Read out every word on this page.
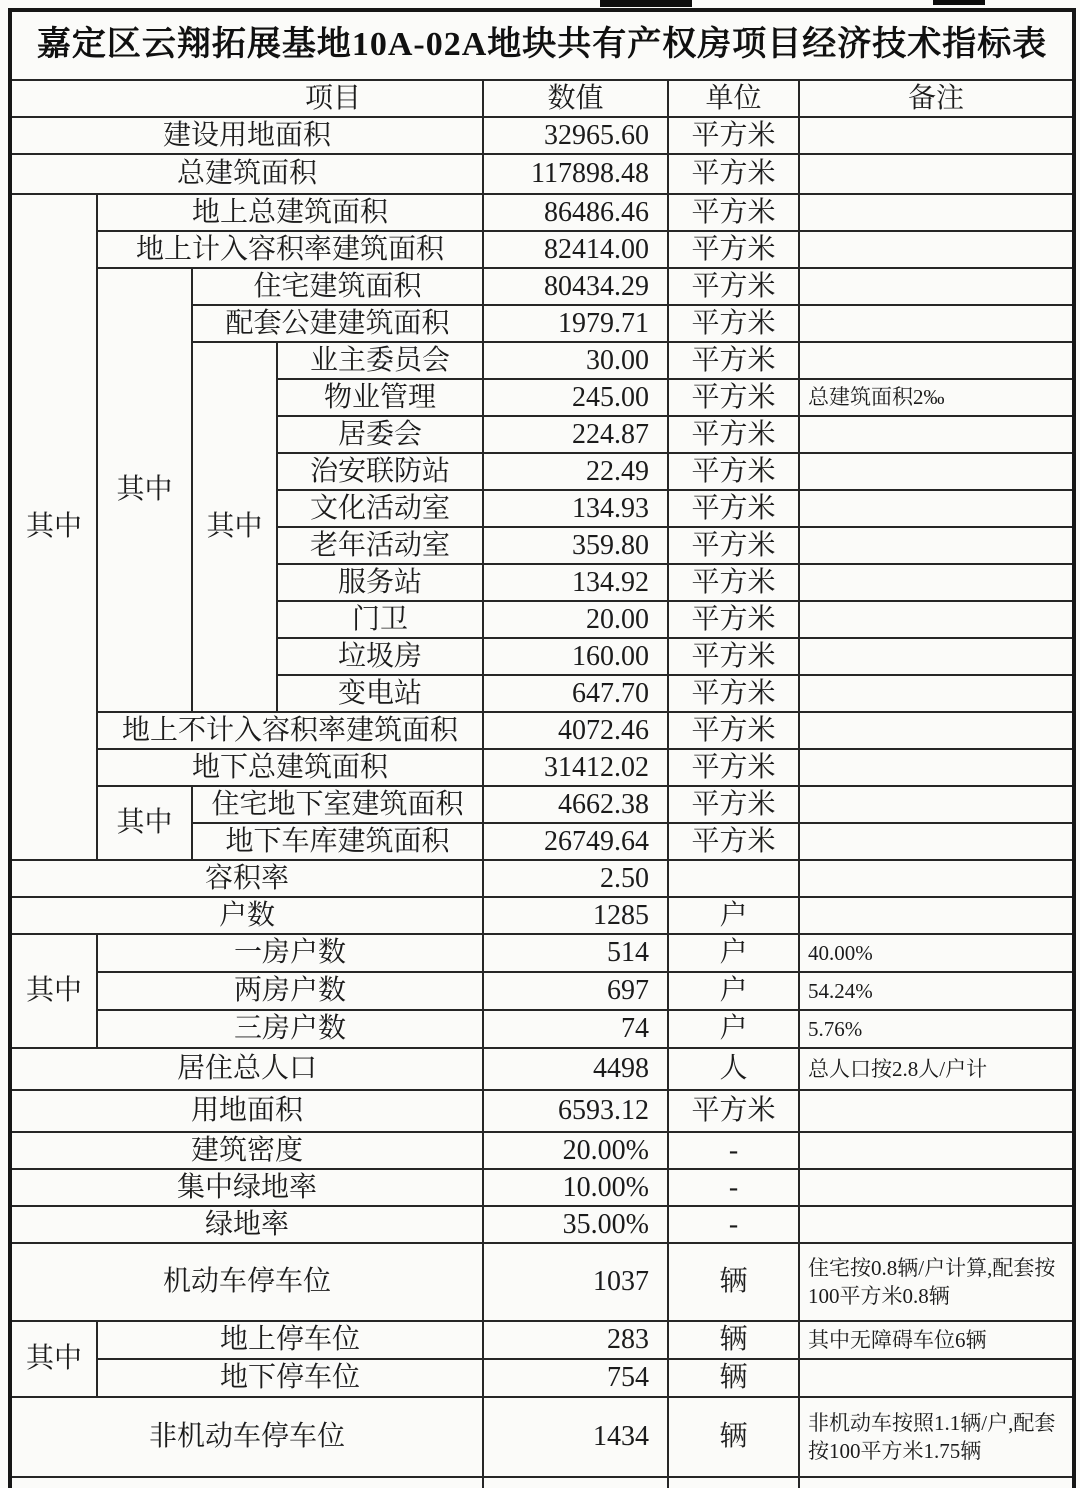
嘉定区云翔拓展基地10A-02A地块共有产权房项目经济技术指标表						
项目				数值	单位	备注
建设用地面积				32965.60	平方米	
总建筑面积				117898.48	平方米	
其中	地上总建筑面积			86486.46	平方米	
	地上计入容积率建筑面积			82414.00	平方米	
	其中	住宅建筑面积		80434.29	平方米	
		配套公建建筑面积		1979.71	平方米	
		其中	业主委员会	30.00	平方米	
			物业管理	245.00	平方米	总建筑面积2‰
			居委会	224.87	平方米	
			治安联防站	22.49	平方米	
			文化活动室	134.93	平方米	
			老年活动室	359.80	平方米	
			服务站	134.92	平方米	
			门卫	20.00	平方米	
			垃圾房	160.00	平方米	
			变电站	647.70	平方米	
	地上不计入容积率建筑面积			4072.46	平方米	
	地下总建筑面积			31412.02	平方米	
	其中	住宅地下室建筑面积		4662.38	平方米	
		地下车库建筑面积		26749.64	平方米	
容积率				2.50		
户数				1285	户	
其中	一房户数			514	户	40.00%
	两房户数			697	户	54.24%
	三房户数			74	户	5.76%
居住总人口				4498	人	总人口按2.8人/户计
用地面积				6593.12	平方米	
建筑密度				20.00%	-	
集中绿地率				10.00%	-	
绿地率				35.00%	-	
机动车停车位				1037	辆	住宅按0.8辆/户计算,配套按100平方米0.8辆
其中	地上停车位			283	辆	其中无障碍车位6辆
	地下停车位			754	辆	
非机动车停车位				1434	辆	非机动车按照1.1辆/户,配套按100平方米1.75辆
